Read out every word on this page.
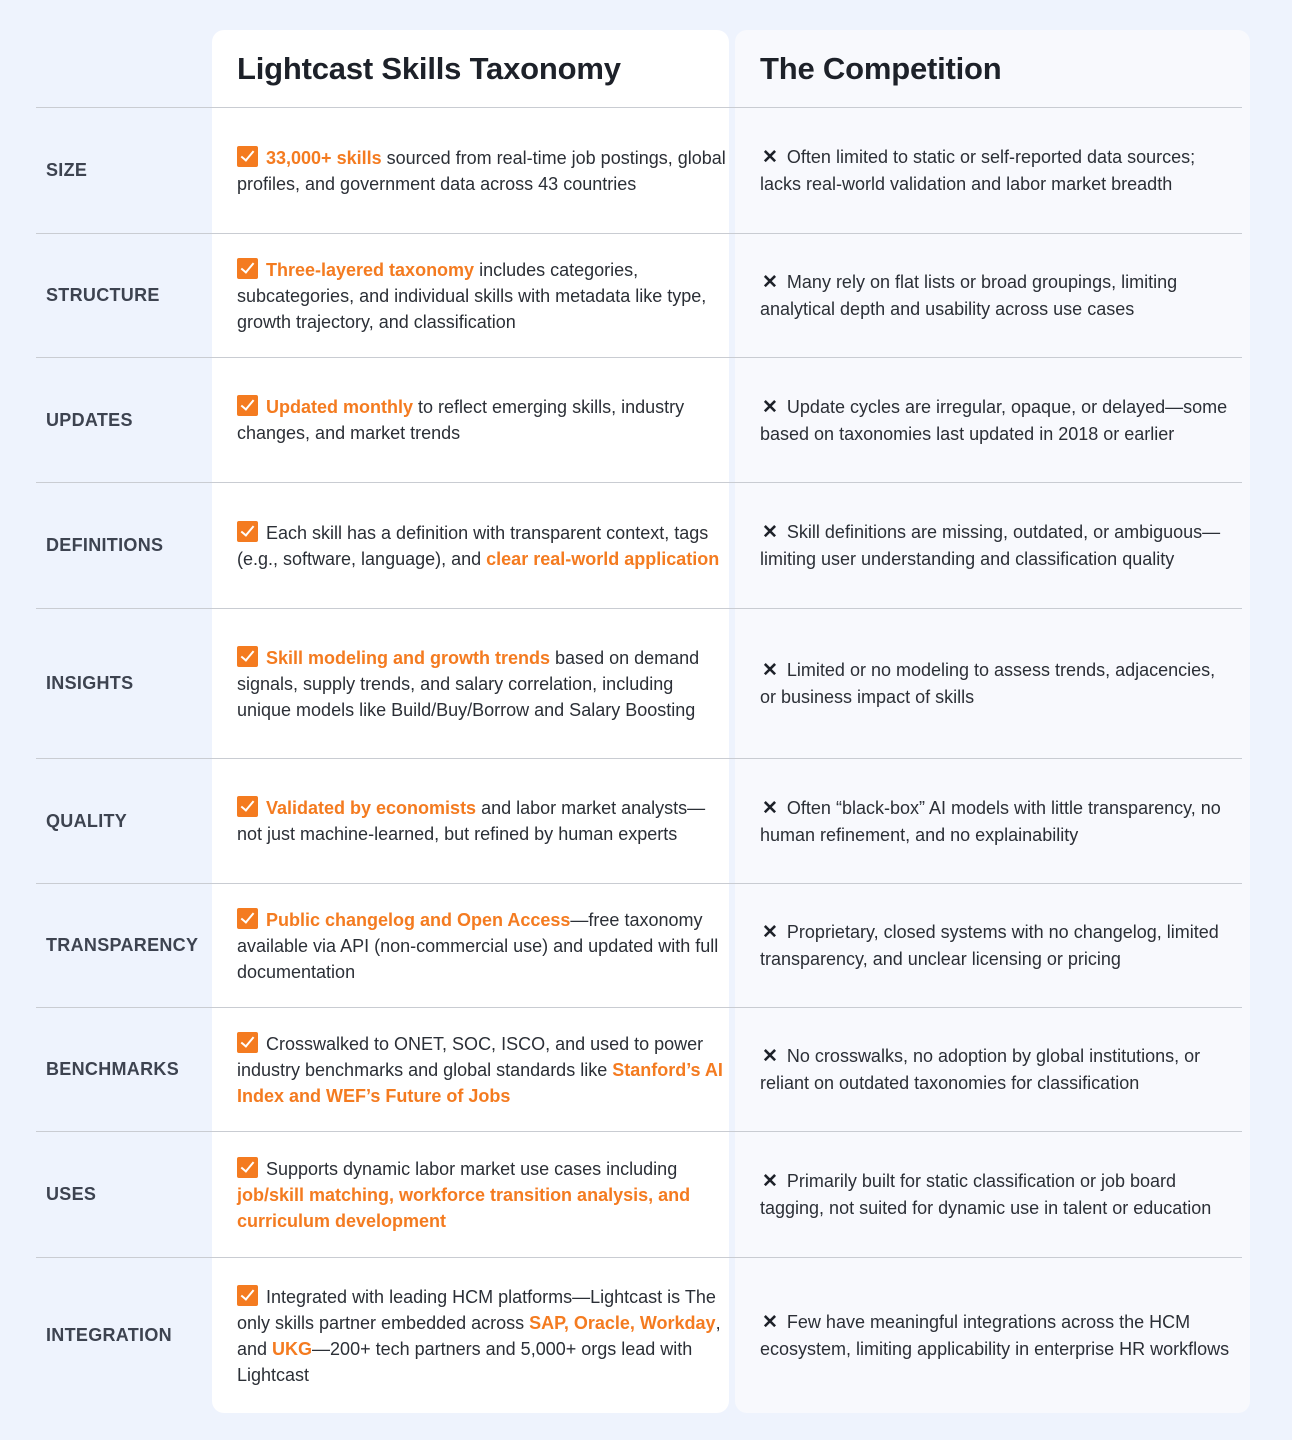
Lightcast Skills Taxonomy	The Competition
SIZE

33,000+ skills sourced from real-time job postings, global profiles, and government data across 43 countries

✕ Often limited to static or self-reported data sources; lacks real-world validation and labor market breadth

STRUCTURE

Three-layered taxonomy includes categories, subcategories, and individual skills with metadata like type, growth trajectory, and classification

✕ Many rely on flat lists or broad groupings, limiting analytical depth and usability across use cases

UPDATES

Updated monthly to reflect emerging skills, industry changes, and market trends

✕ Update cycles are irregular, opaque, or delayed—some based on taxonomies last updated in 2018 or earlier

DEFINITIONS

Each skill has a definition with transparent context, tags (e.g., software, language), and clear real-world application

✕ Skill definitions are missing, outdated, or ambiguous—limiting user understanding and classification quality

INSIGHTS

Skill modeling and growth trends based on demand signals, supply trends, and salary correlation, including unique models like Build/Buy/Borrow and Salary Boosting

✕ Limited or no modeling to assess trends, adjacencies, or business impact of skills

QUALITY

Validated by economists and labor market analysts—not just machine-learned, but refined by human experts

✕ Often “black-box” AI models with little transparency, no human refinement, and no explainability

TRANSPARENCY

Public changelog and Open Access—free taxonomy available via API (non-commercial use) and updated with full documentation

✕ Proprietary, closed systems with no changelog, limited transparency, and unclear licensing or pricing

BENCHMARKS

Crosswalked to ONET, SOC, ISCO, and used to power industry benchmarks and global standards like Stanford’s AI Index and WEF’s Future of Jobs

✕ No crosswalks, no adoption by global institutions, or reliant on outdated taxonomies for classification

USES

Supports dynamic labor market use cases including job/skill matching, workforce transition analysis, and curriculum development

✕ Primarily built for static classification or job board tagging, not suited for dynamic use in talent or education

INTEGRATION

Integrated with leading HCM platforms—Lightcast is The only skills partner embedded across SAP, Oracle, Workday, and UKG—200+ tech partners and 5,000+ orgs lead with Lightcast

✕ Few have meaningful integrations across the HCM ecosystem, limiting applicability in enterprise HR workflows
